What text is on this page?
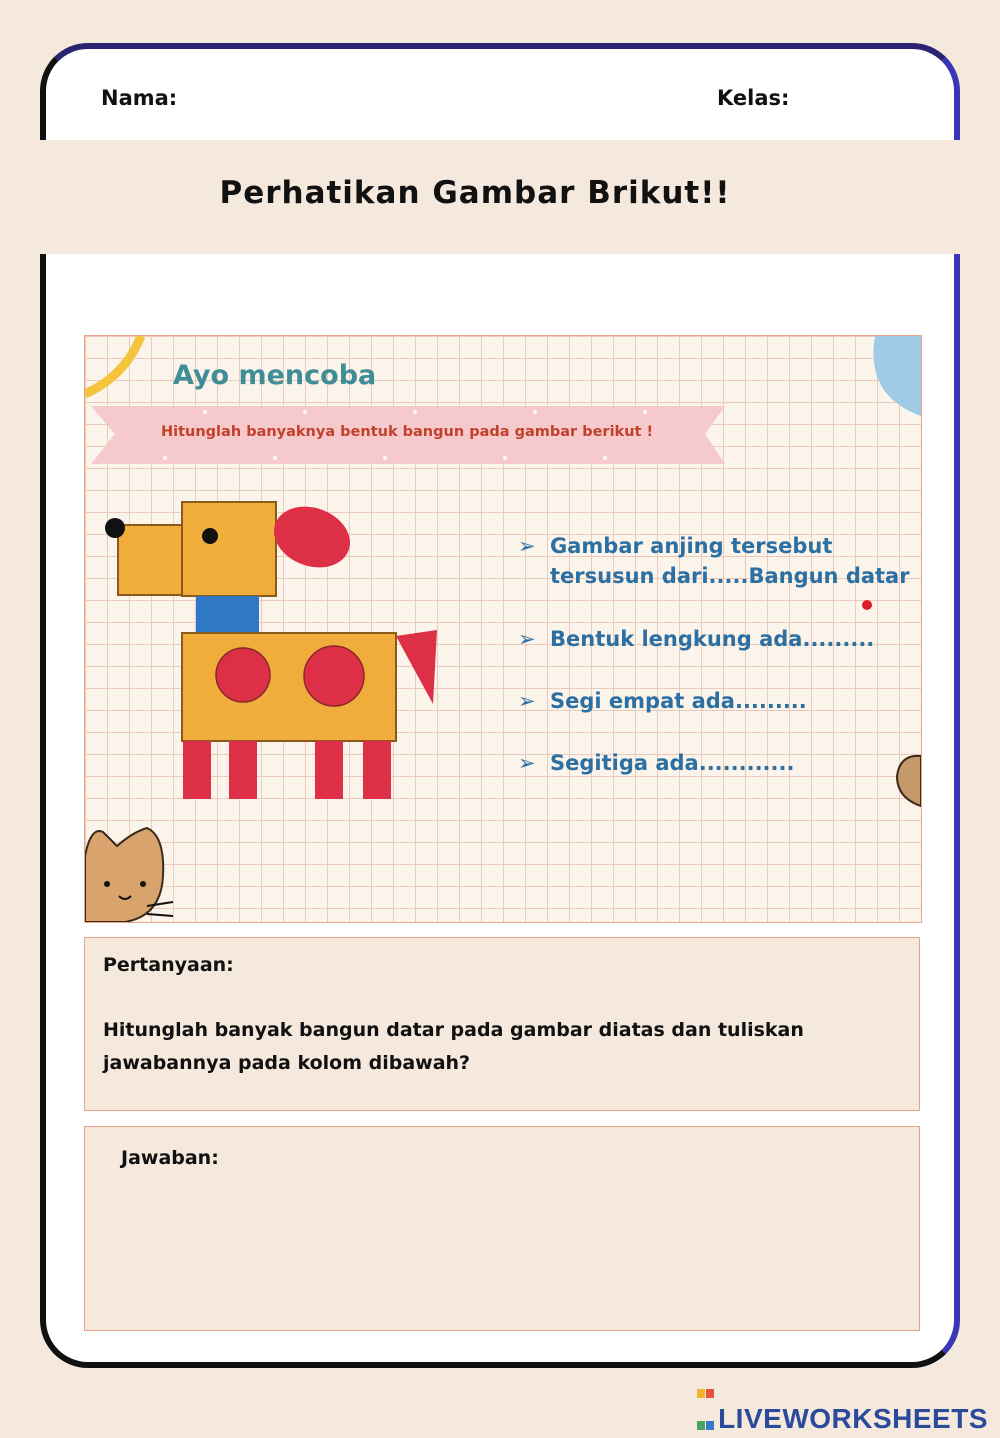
Nama:	Kelas:
Perhatikan Gambar Brikut!!
Ayo mencoba
Hitunglah banyaknya bentuk bangun pada gambar berikut !
➢ Gambar anjing tersebut
tersusun dari.....Bangun datar
➢ Bentuk lengkung ada.........
➢ Segi empat ada.........
➢ Segitiga ada............
Pertanyaan:
Hitunglah banyak bangun datar pada gambar diatas dan tuliskan jawabannya pada kolom dibawah?
Jawaban:

LIVEWORKSHEETS
